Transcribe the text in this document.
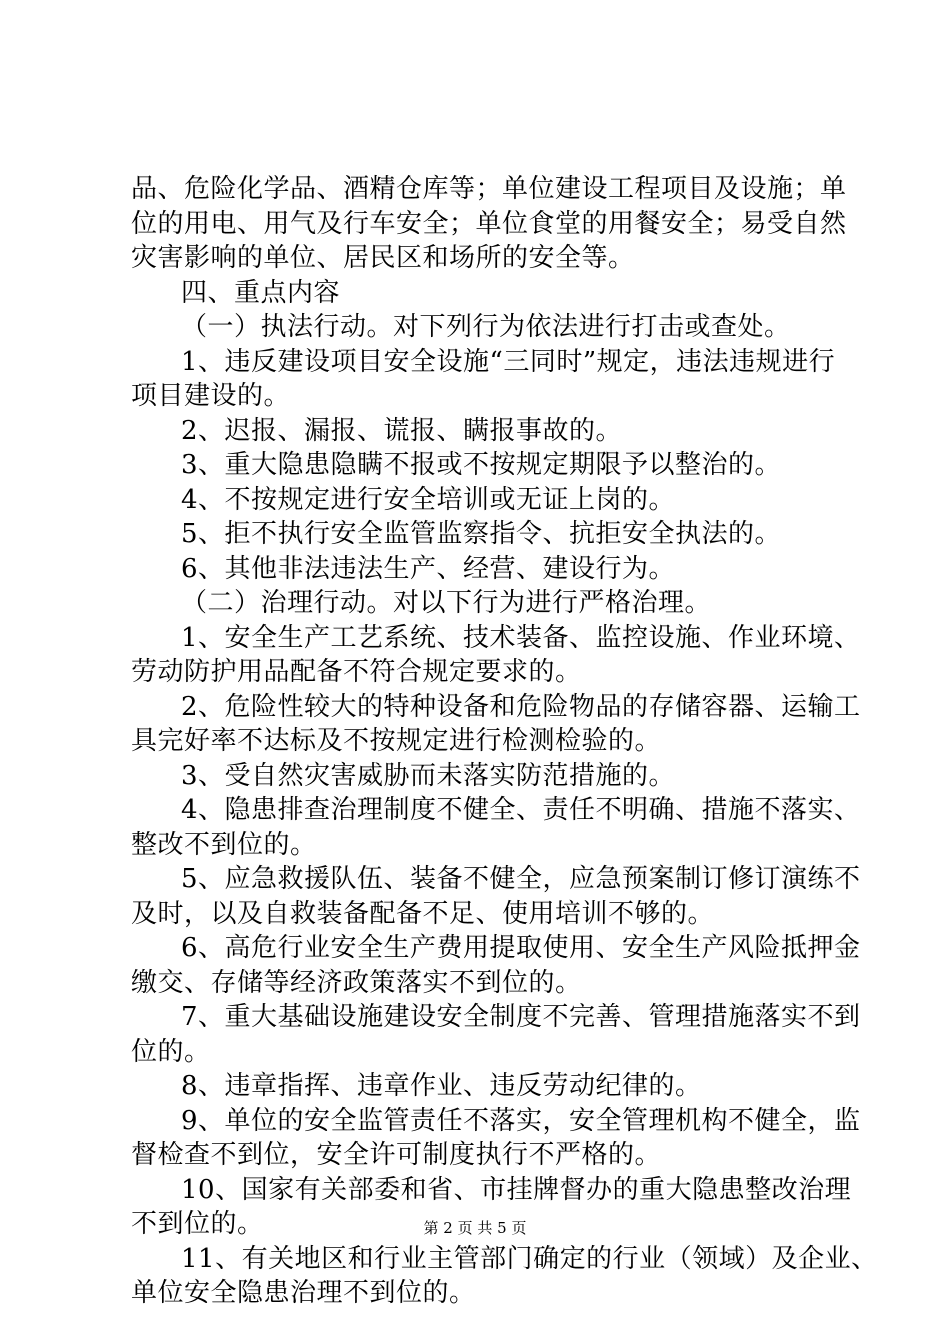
品、危险化学品、酒精仓库等；单位建设工程项目及设施；单
位的用电、用气及行车安全；单位食堂的用餐安全；易受自然
灾害影响的单位、居民区和场所的安全等。
四、重点内容
（一）执法行动。对下列行为依法进行打击或查处。
1、违反建设项目安全设施“三同时”规定，违法违规进行
项目建设的。
2、迟报、漏报、谎报、瞒报事故的。
3、重大隐患隐瞒不报或不按规定期限予以整治的。
4、不按规定进行安全培训或无证上岗的。
5、拒不执行安全监管监察指令、抗拒安全执法的。
6、其他非法违法生产、经营、建设行为。
（二）治理行动。对以下行为进行严格治理。
1、安全生产工艺系统、技术装备、监控设施、作业环境、
劳动防护用品配备不符合规定要求的。
2、危险性较大的特种设备和危险物品的存储容器、运输工
具完好率不达标及不按规定进行检测检验的。
3、受自然灾害威胁而未落实防范措施的。
4、隐患排查治理制度不健全、责任不明确、措施不落实、
整改不到位的。
5、应急救援队伍、装备不健全，应急预案制订修订演练不
及时，以及自救装备配备不足、使用培训不够的。
6、高危行业安全生产费用提取使用、安全生产风险抵押金
缴交、存储等经济政策落实不到位的。
7、重大基础设施建设安全制度不完善、管理措施落实不到
位的。
8、违章指挥、违章作业、违反劳动纪律的。
9、单位的安全监管责任不落实，安全管理机构不健全，监
督检查不到位，安全许可制度执行不严格的。
10、国家有关部委和省、市挂牌督办的重大隐患整改治理
不到位的。
11、有关地区和行业主管部门确定的行业（领域）及企业、
单位安全隐患治理不到位的。
第 2 页 共 5 页
